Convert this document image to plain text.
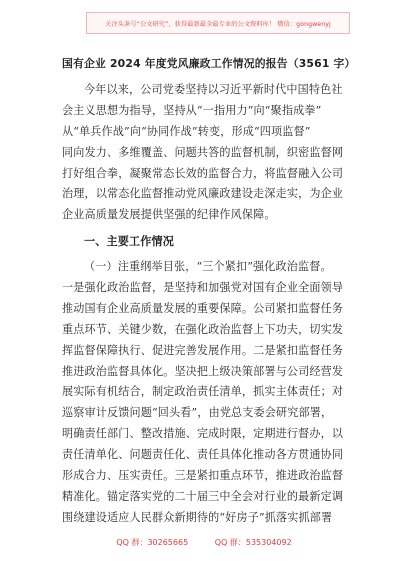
关注头条号“公文研究”，获得最新最全最专业的公文资料库！ 微信：gongwenyj
国有企业 2024 年度党风廉政工作情况的报告（3561 字）
今年以来，公司党委坚持以习近平新时代中国特色社
会主义思想为指导，坚持从“一指用力”向“聚指成拳”
从“单兵作战”向“协同作战”转变，形成“四项监督”
同向发力、多维覆盖、问题共答的监督机制，织密监督网
打好组合拳，凝聚常态长效的监督合力，将监督融入公司
治理，以常态化监督推动党风廉政建设走深走实，为企业
企业高质量发展提供坚强的纪律作风保障。
一、主要工作情况
（一）注重纲举目张，“三个紧扣”强化政治监督。
一是强化政治监督，是坚持和加强党对国有企业全面领导
推动国有企业高质量发展的重要保障。公司紧扣监督任务
重点环节、关键少数，在强化政治监督上下功夫，切实发
挥监督保障执行、促进完善发展作用。二是紧扣监督任务
推进政治监督具体化。坚决把上级决策部署与公司经营发
展实际有机结合，制定政治责任清单，抓实主体责任；对
巡察审计反馈问题“回头看”，由党总支委会研究部署，
明确责任部门、整改措施、完成时限，定期进行督办，以
责任清单化、问题责任化、责任具体化推动各方贯通协同
形成合力、压实责任。三是紧扣重点环节，推进政治监督
精准化。锚定落实党的二十届三中全会对行业的最新定调
围绕建设适应人民群众新期待的“好房子”抓落实抓部署
QQ 群：30265665	QQ 群：535304092
